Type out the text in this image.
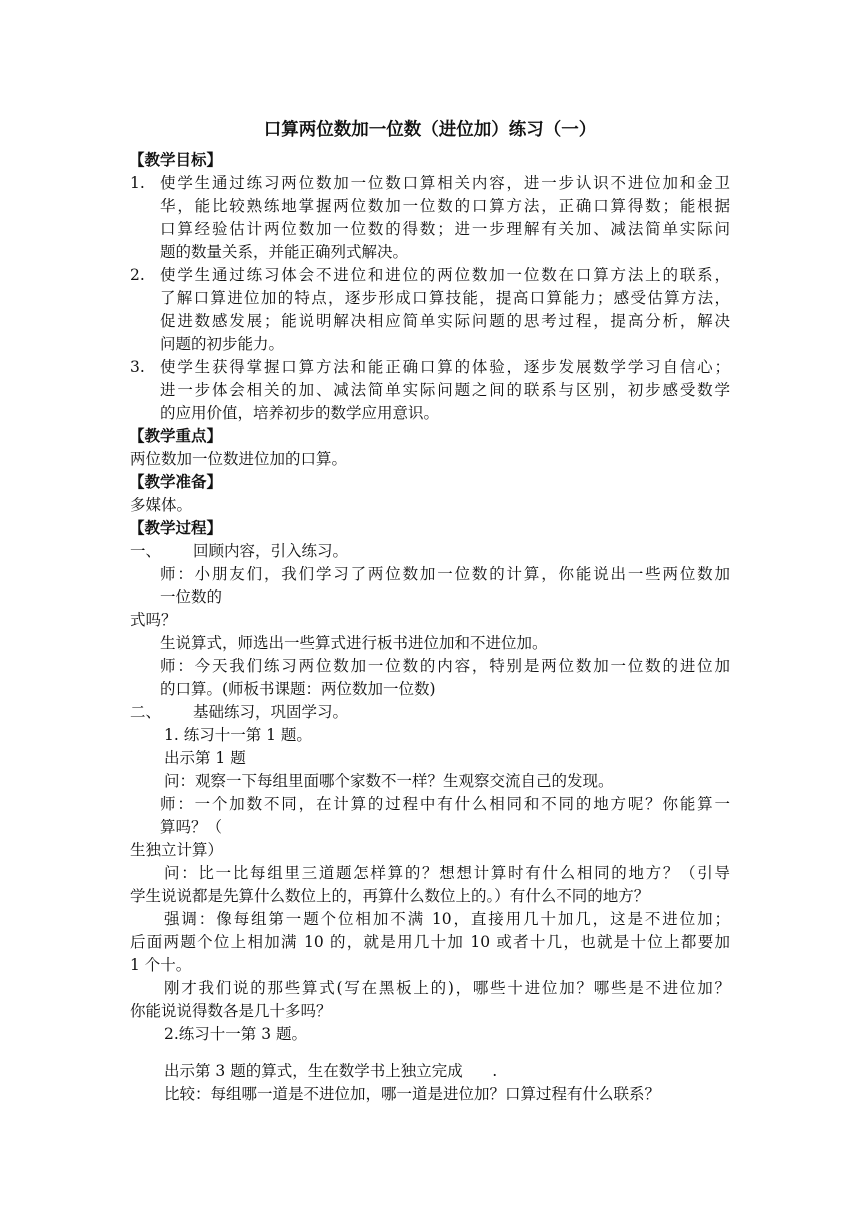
口算两位数加一位数（进位加）练习（一）
【教学目标】
1. 使学生通过练习两位数加一位数口算相关内容，进一步认识不进位加和金卫
华，能比较熟练地掌握两位数加一位数的口算方法，正确口算得数；能根据
口算经验估计两位数加一位数的得数；进一步理解有关加、减法简单实际问
题的数量关系，并能正确列式解决。
2. 使学生通过练习体会不进位和进位的两位数加一位数在口算方法上的联系，
了解口算进位加的特点，逐步形成口算技能，提高口算能力；感受估算方法，
促进数感发展；能说明解决相应简单实际问题的思考过程，提高分析，解决
问题的初步能力。
3. 使学生获得掌握口算方法和能正确口算的体验，逐步发展数学学习自信心；
进一步体会相关的加、减法简单实际问题之间的联系与区别，初步感受数学
的应用价值，培养初步的数学应用意识。
【教学重点】
两位数加一位数进位加的口算。
【教学准备】
多媒体。
【教学过程】
一、 回顾内容，引入练习。
师：小朋友们，我们学习了两位数加一位数的计算，你能说出一些两位数加
一位数的
式吗？
生说算式，师选出一些算式进行板书进位加和不进位加。
师：今天我们练习两位数加一位数的内容，特别是两位数加一位数的进位加
的口算。(师板书课题：两位数加一位数)
二、 基础练习，巩固学习。
1. 练习十一第 1 题。
出示第 1 题
问：观察一下每组里面哪个家数不一样？生观察交流自己的发现。
师：一个加数不同，在计算的过程中有什么相同和不同的地方呢？你能算一
算吗？（
生独立计算）
问：比一比每组里三道题怎样算的？想想计算时有什么相同的地方？（引导
学生说说都是先算什么数位上的，再算什么数位上的。）有什么不同的地方？
强调：像每组第一题个位相加不满 10，直接用几十加几，这是不进位加；
后面两题个位上相加满 10 的，就是用几十加 10 或者十几，也就是十位上都要加
1 个十。
刚才我们说的那些算式(写在黑板上的)，哪些十进位加？哪些是不进位加？
你能说说得数各是几十多吗？
2.练习十一第 3 题。
出示第 3 题的算式，生在数学书上独立完成      .
比较：每组哪一道是不进位加，哪一道是进位加？口算过程有什么联系？
